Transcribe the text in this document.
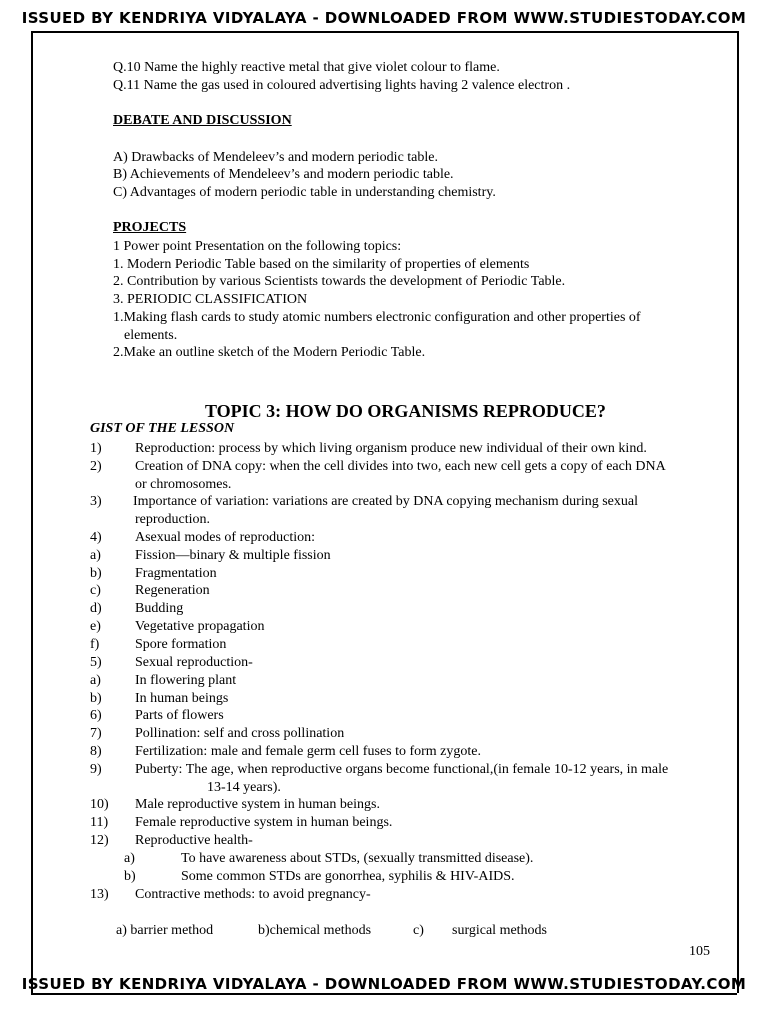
ISSUED BY KENDRIYA VIDYALAYA - DOWNLOADED FROM WWW.STUDIESTODAY.COM
Q.10 Name the highly reactive metal that give violet colour to flame.
Q.11 Name the gas used in coloured advertising lights having 2 valence electron .
DEBATE AND DISCUSSION
A) Drawbacks of Mendeleev’s and modern periodic table.
B) Achievements of Mendeleev’s and modern periodic table.
C) Advantages of modern periodic table in understanding chemistry.
PROJECTS
1 Power point Presentation on the following topics:
1. Modern Periodic Table based on the similarity of properties of elements
2. Contribution by various Scientists towards the development of Periodic Table.
3. PERIODIC CLASSIFICATION
1.Making flash cards to study atomic numbers electronic configuration and other properties of
elements.
2.Make an outline sketch of the Modern Periodic Table.
TOPIC 3: HOW DO ORGANISMS REPRODUCE?
GIST OF THE LESSON
1) Reproduction: process by which living organism produce new individual of their own kind.
2) Creation of DNA copy: when the cell divides into two, each new cell gets a copy of each DNA
or chromosomes.
3) Importance of variation: variations are created by DNA copying mechanism during sexual
reproduction.
4) Asexual modes of reproduction:
a) Fission—binary & multiple fission
b) Fragmentation
c) Regeneration
d) Budding
e) Vegetative propagation
f)	Spore formation
5) Sexual reproduction-
a) In flowering plant
b) In human beings
6) Parts of flowers
7) Pollination: self and cross pollination
8) Fertilization: male and female germ cell fuses to form zygote.
9) Puberty: The age, when reproductive organs become functional,(in female 10-12 years, in male
13-14 years).
10) Male reproductive system in human beings.
11) Female reproductive system in human beings.
12) Reproductive health-
a)	To have awareness about STDs, (sexually transmitted disease).
b)	Some common STDs are gonorrhea, syphilis & HIV-AIDS.
13) Contractive methods: to avoid pregnancy-
a) barrier method	b)chemical methods	c) surgical methods
105
ISSUED BY KENDRIYA VIDYALAYA - DOWNLOADED FROM WWW.STUDIESTODAY.COM
